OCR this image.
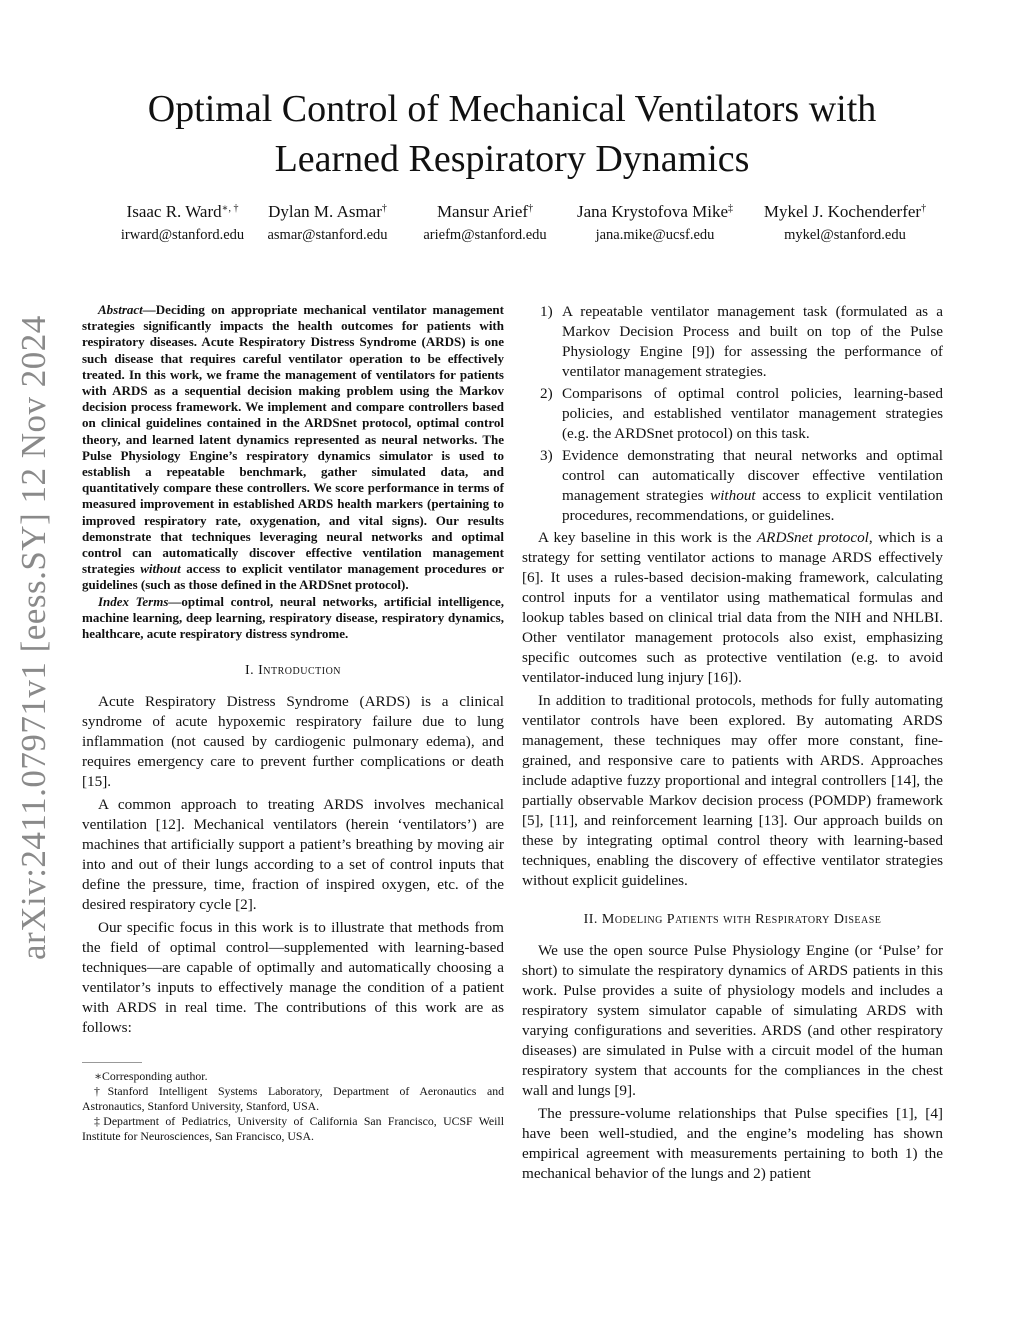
arXiv:2411.07971v1 [eess.SY] 12 Nov 2024
Optimal Control of Mechanical Ventilators with
Learned Respiratory Dynamics
Isaac R. Ward∗, †
irward@stanford.edu
Dylan M. Asmar†
asmar@stanford.edu
Mansur Arief†
ariefm@stanford.edu
Jana Krystofova Mike‡
jana.mike@ucsf.edu
Mykel J. Kochenderfer†
mykel@stanford.edu

Abstract—Deciding on appropriate mechanical ventilator management strategies significantly impacts the health outcomes for patients with respiratory diseases. Acute Respiratory Distress Syndrome (ARDS) is one such disease that requires careful ventilator operation to be effectively treated. In this work, we frame the management of ventilators for patients with ARDS as a sequential decision making problem using the Markov decision process framework. We implement and compare controllers based on clinical guidelines contained in the ARDSnet protocol, optimal control theory, and learned latent dynamics represented as neural networks. The Pulse Physiology Engine’s respiratory dynamics simulator is used to establish a repeatable benchmark, gather simulated data, and quantitatively compare these controllers. We score performance in terms of measured improvement in established ARDS health markers (pertaining to improved respiratory rate, oxygenation, and vital signs). Our results demonstrate that techniques leveraging neural networks and optimal control can automatically discover effective ventilation management strategies without access to explicit ventilator management procedures or guidelines (such as those defined in the ARDSnet protocol).

Index Terms—optimal control, neural networks, artificial intelligence, machine learning, deep learning, respiratory disease, respiratory dynamics, healthcare, acute respiratory distress syndrome.

I. Introduction

Acute Respiratory Distress Syndrome (ARDS) is a clinical syndrome of acute hypoxemic respiratory failure due to lung inflammation (not caused by cardiogenic pulmonary edema), and requires emergency care to prevent further complications or death [15].

A common approach to treating ARDS involves mechanical ventilation [12]. Mechanical ventilators (herein ‘ventilators’) are machines that artificially support a patient’s breathing by moving air into and out of their lungs according to a set of control inputs that define the pressure, time, fraction of inspired oxygen, etc. of the desired respiratory cycle [2].

Our specific focus in this work is to illustrate that methods from the field of optimal control—supplemented with learning-based techniques—are capable of optimally and automatically choosing a ventilator’s inputs to effectively manage the condition of a patient with ARDS in real time. The contributions of this work are as follows:

∗Corresponding author.

†Stanford Intelligent Systems Laboratory, Department of Aeronautics and Astronautics, Stanford University, Stanford, USA.

‡Department of Pediatrics, University of California San Francisco, UCSF Weill Institute for Neurosciences, San Francisco, USA.

1) A repeatable ventilator management task (formulated as a Markov Decision Process and built on top of the Pulse Physiology Engine [9]) for assessing the performance of ventilator management strategies.
2) Comparisons of optimal control policies, learning-based policies, and established ventilator management strategies (e.g. the ARDSnet protocol) on this task.
3) Evidence demonstrating that neural networks and optimal control can automatically discover effective ventilation management strategies without access to explicit ventilation procedures, recommendations, or guidelines.

A key baseline in this work is the ARDSnet protocol, which is a strategy for setting ventilator actions to manage ARDS effectively [6]. It uses a rules-based decision-making framework, calculating control inputs for a ventilator using mathematical formulas and lookup tables based on clinical trial data from the NIH and NHLBI. Other ventilator management protocols also exist, emphasizing specific outcomes such as protective ventilation (e.g. to avoid ventilator-induced lung injury [16]).

In addition to traditional protocols, methods for fully automating ventilator controls have been explored. By automating ARDS management, these techniques may offer more constant, fine-grained, and responsive care to patients with ARDS. Approaches include adaptive fuzzy proportional and integral controllers [14], the partially observable Markov decision process (POMDP) framework [5], [11], and reinforcement learning [13]. Our approach builds on these by integrating optimal control theory with learning-based techniques, enabling the discovery of effective ventilator strategies without explicit guidelines.

II. Modeling Patients with Respiratory Disease

We use the open source Pulse Physiology Engine (or ‘Pulse’ for short) to simulate the respiratory dynamics of ARDS patients in this work. Pulse provides a suite of physiology models and includes a respiratory system simulator capable of simulating ARDS with varying configurations and severities. ARDS (and other respiratory diseases) are simulated in Pulse with a circuit model of the human respiratory system that accounts for the compliances in the chest wall and lungs [9].

The pressure-volume relationships that Pulse specifies [1], [4] have been well-studied, and the engine’s modeling has shown empirical agreement with measurements pertaining to both 1) the mechanical behavior of the lungs and 2) patient
